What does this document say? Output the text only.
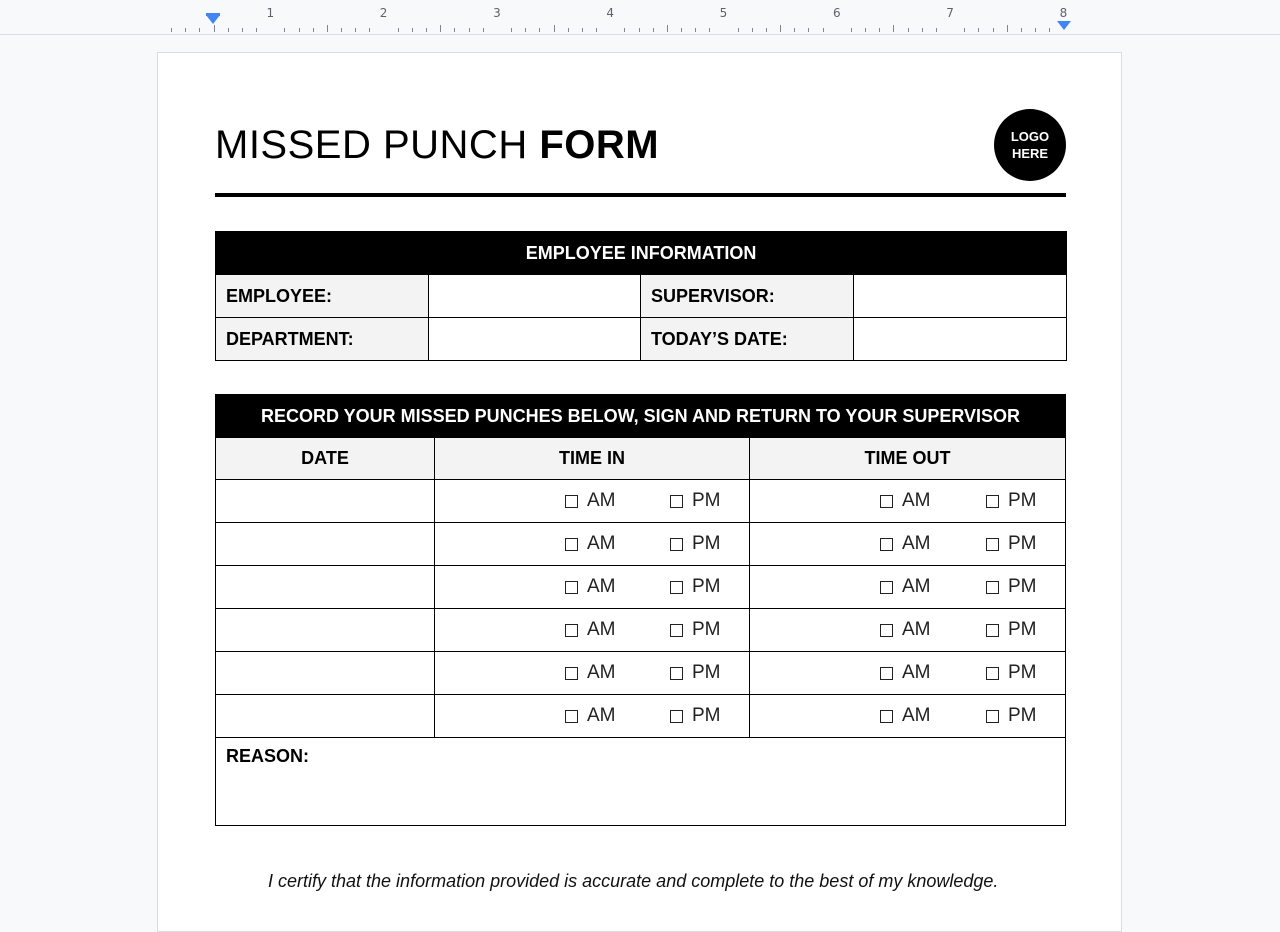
1	2	3	4	5	6	7	8
MISSED PUNCH FORM	LOGO
HERE
EMPLOYEE INFORMATION			
EMPLOYEE:		SUPERVISOR:	
DEPARTMENT:		TODAY’S DATE:	
RECORD YOUR MISSED PUNCHES BELOW, SIGN AND RETURN TO YOUR SUPERVISOR		
DATE	TIME IN	TIME OUT

	AM PM	AM PM

	AM PM	AM PM

	AM PM	AM PM

	AM PM	AM PM

	AM PM	AM PM

	AM PM	AM PM

REASON:		
I certify that the information provided is accurate and complete to the best of my knowledge.
